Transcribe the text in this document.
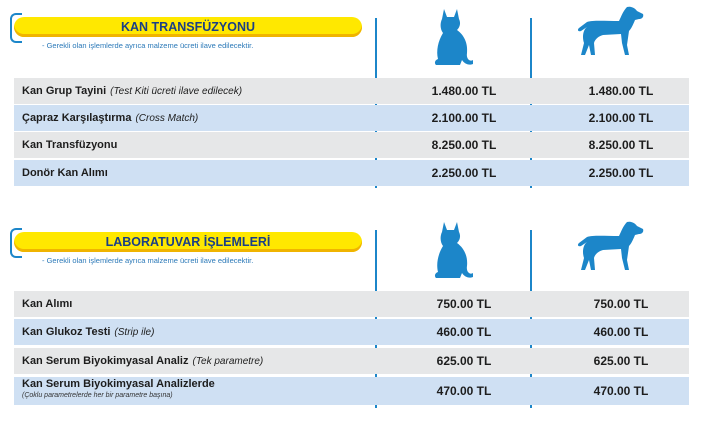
KAN TRANSFÜZYONU
- Gerekli olan işlemlerde ayrıca malzeme ücreti ilave edilecektir.
Kan Grup Tayini (Test Kiti ücreti ilave edilecek)	1.480.00 TL	1.480.00 TL
Çapraz Karşılaştırma (Cross Match)	2.100.00 TL	2.100.00 TL
Kan Transfüzyonu	8.250.00 TL	8.250.00 TL
Donör Kan Alımı	2.250.00 TL	2.250.00 TL
LABORATUVAR İŞLEMLERİ
- Gerekli olan işlemlerde ayrıca malzeme ücreti ilave edilecektir.
Kan Alımı	750.00 TL	750.00 TL
Kan Glukoz Testi (Strip ile)	460.00 TL	460.00 TL
Kan Serum Biyokimyasal Analiz (Tek parametre)	625.00 TL	625.00 TL
Kan Serum Biyokimyasal Analizlerde
(Çoklu parametrelerde her bir parametre başına)	470.00 TL	470.00 TL
